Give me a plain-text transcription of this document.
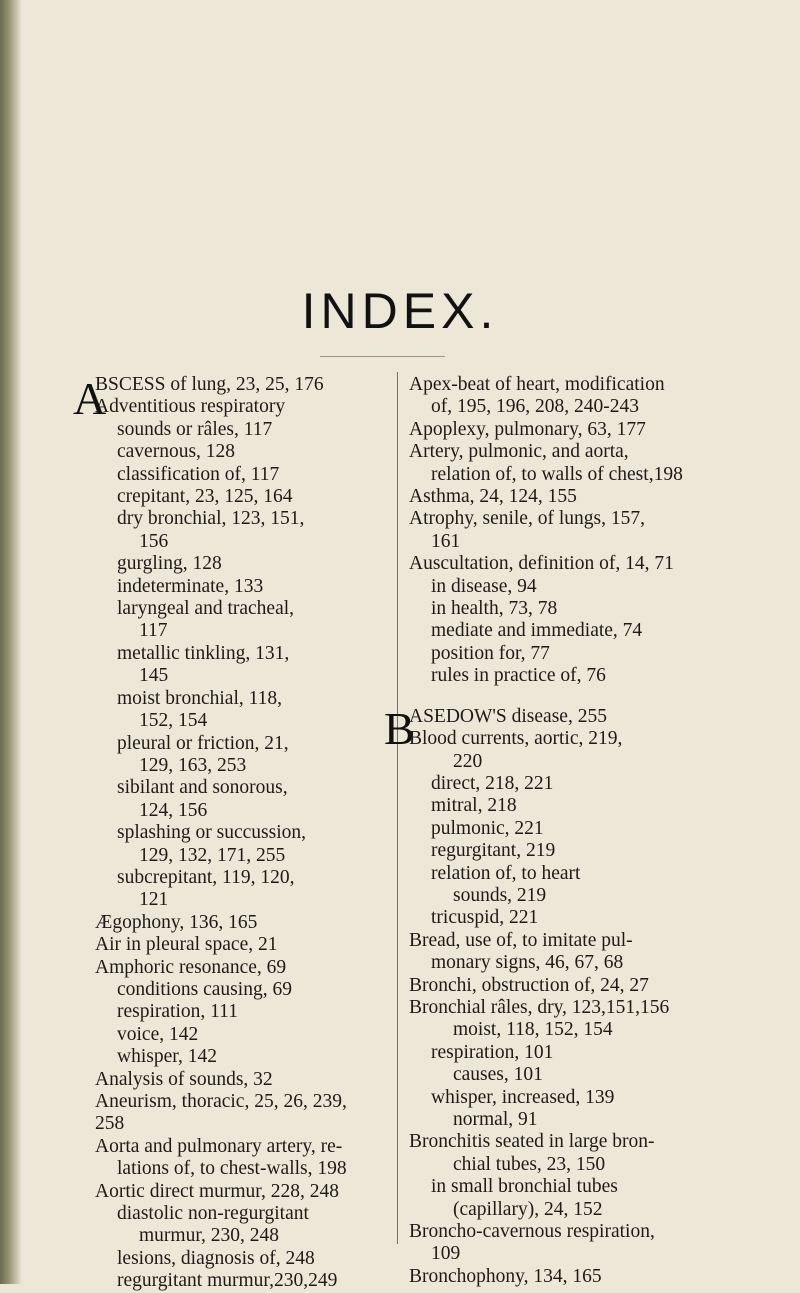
INDEX.
A
BSCESS of lung, 23, 25, 176
Adventitious respiratory
sounds or râles, 117
cavernous, 128
classification of, 117
crepitant, 23, 125, 164
dry bronchial, 123, 151,
156
gurgling, 128
indeterminate, 133
laryngeal and tracheal,
117
metallic tinkling, 131,
145
moist bronchial, 118,
152, 154
pleural or friction, 21,
129, 163, 253
sibilant and sonorous,
124, 156
splashing or succussion,
129, 132, 171, 255
subcrepitant, 119, 120,
121
Ægophony, 136, 165
Air in pleural space, 21
Amphoric resonance, 69
conditions causing, 69
respiration, 111
voice, 142
whisper, 142
Analysis of sounds, 32
Aneurism, thoracic, 25, 26, 239,
258
Aorta and pulmonary artery, re-
lations of, to chest-walls, 198
Aortic direct murmur, 228, 248
diastolic non-regurgitant
murmur, 230, 248
lesions, diagnosis of, 248
regurgitant murmur,230,249
Apex-beat of heart, modification
of, 195, 196, 208, 240-243
Apoplexy, pulmonary, 63, 177
Artery, pulmonic, and aorta,
relation of, to walls of chest,198
Asthma, 24, 124, 155
Atrophy, senile, of lungs, 157,
161
Auscultation, definition of, 14, 71
in disease, 94
in health, 73, 78
mediate and immediate, 74
position for, 77
rules in practice of, 76
B
ASEDOW'S disease, 255
Blood currents, aortic, 219,
220
direct, 218, 221
mitral, 218
pulmonic, 221
regurgitant, 219
relation of, to heart
sounds, 219
tricuspid, 221
Bread, use of, to imitate pul-
monary signs, 46, 67, 68
Bronchi, obstruction of, 24, 27
Bronchial râles, dry, 123,151,156
moist, 118, 152, 154
respiration, 101
causes, 101
whisper, increased, 139
normal, 91
Bronchitis seated in large bron-
chial tubes, 23, 150
in small bronchial tubes
(capillary), 24, 152
Broncho-cavernous respiration,
109
Bronchophony, 134, 165
